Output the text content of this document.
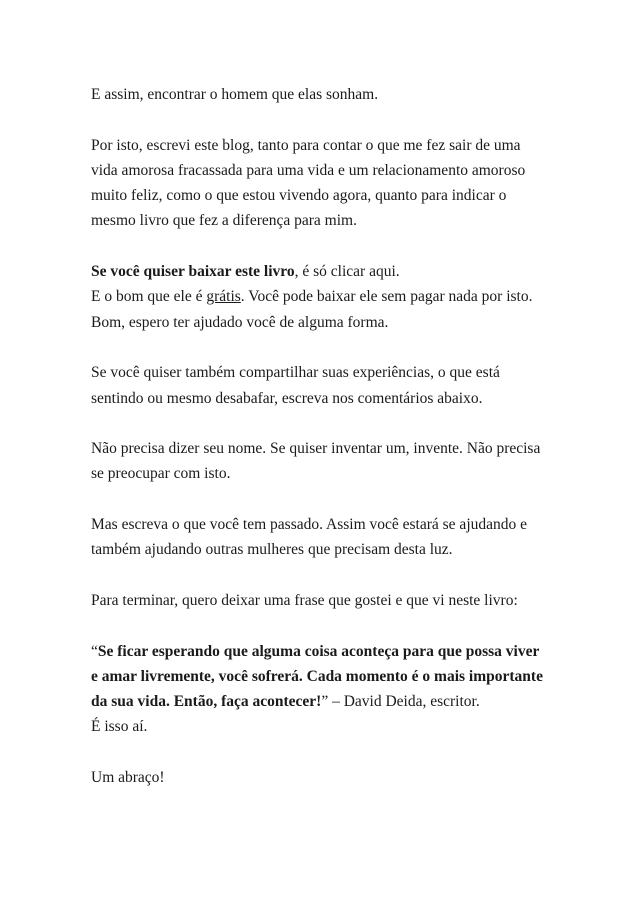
E assim, encontrar o homem que elas sonham.

Por isto, escrevi este blog, tanto para contar o que me fez sair de uma
vida amorosa fracassada para uma vida e um relacionamento amoroso
muito feliz, como o que estou vivendo agora, quanto para indicar o
mesmo livro que fez a diferença para mim.

Se você quiser baixar este livro, é só clicar aqui.
E o bom que ele é grátis. Você pode baixar ele sem pagar nada por isto.
Bom, espero ter ajudado você de alguma forma.

Se você quiser também compartilhar suas experiências, o que está
sentindo ou mesmo desabafar, escreva nos comentários abaixo.

Não precisa dizer seu nome. Se quiser inventar um, invente. Não precisa
se preocupar com isto.

Mas escreva o que você tem passado. Assim você estará se ajudando e
também ajudando outras mulheres que precisam desta luz.

Para terminar, quero deixar uma frase que gostei e que vi neste livro:

“Se ficar esperando que alguma coisa aconteça para que possa viver
e amar livremente, você sofrerá. Cada momento é o mais importante
da sua vida. Então, faça acontecer!” – David Deida, escritor.
É isso aí.

Um abraço!
